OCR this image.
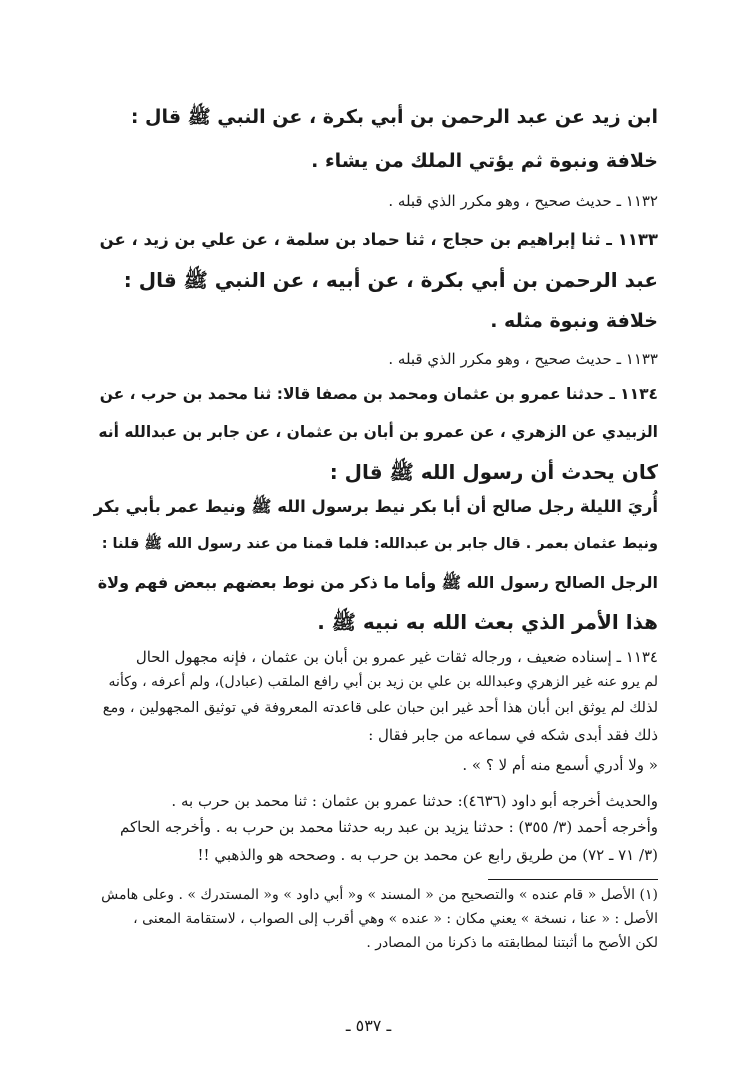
ابن زيد عن عبد الرحمن بن أبي بكرة ، عن النبي ﷺ قال :
خلافة ونبوة ثم يؤتي الملك من يشاء .
١١٣٢ ـ حديث صحيح ، وهو مكرر الذي قبله .
١١٣٣ ـ ثنا إبراهيم بن حجاج ، ثنا حماد بن سلمة ، عن علي بن زيد ، عن
عبد الرحمن بن أبي بكرة ، عن أبيه ، عن النبي ﷺ قال :
خلافة ونبوة مثله .
١١٣٣ ـ حديث صحيح ، وهو مكرر الذي قبله .
١١٣٤ ـ حدثنا عمرو بن عثمان ومحمد بن مصفا قالا: ثنا محمد بن حرب ، عن
الزبيدي عن الزهري ، عن عمرو بن أبان بن عثمان ، عن جابر بن عبدالله أنه
كان يحدث أن رسول الله ﷺ قال :
أُريَ الليلة رجل صالح أن أبا بكر نيط برسول الله ﷺ ونيط عمر بأبي بكر
ونيط عثمان بعمر . قال جابر بن عبدالله: فلما قمنا من عند رسول الله ﷺ قلنا :
الرجل الصالح رسول الله ﷺ وأما ما ذكر من نوط بعضهم ببعض فهم ولاة
هذا الأمر الذي بعث الله به نبيه ﷺ .
١١٣٤ ـ إسناده ضعيف ، ورجاله ثقات غير عمرو بن أبان بن عثمان ، فإنه مجهول الحال
لم يرو عنه غير الزهري وعبدالله بن علي بن زيد بن أبي رافع الملقب (عبادل)، ولم أعرفه ، وكأنه
لذلك لم يوثق ابن أبان هذا أحد غير ابن حبان على قاعدته المعروفة في توثيق المجهولين ، ومع
ذلك فقد أبدى شكه في سماعه من جابر فقال :
« ولا أدري أسمع منه أم لا ؟ » .
والحديث أخرجه أبو داود (٤٦٣٦): حدثنا عمرو بن عثمان : ثنا محمد بن حرب به .
وأخرجه أحمد (٣/ ٣٥٥) : حدثنا يزيد بن عبد ربه حدثنا محمد بن حرب به . وأخرجه الحاكم
(٣/ ٧١ ـ ٧٢) من طريق رابع عن محمد بن حرب به . وصححه هو والذهبي !!
(١) الأصل « قام عنده » والتصحيح من « المسند » و« أبي داود » و« المستدرك » . وعلى هامش
الأصل : « عنا ، نسخة » يعني مكان : « عنده » وهي أقرب إلى الصواب ، لاستقامة المعنى ،
لكن الأصح ما أثبتنا لمطابقته ما ذكرنا من المصادر .
ـ ٥٣٧ ـ
